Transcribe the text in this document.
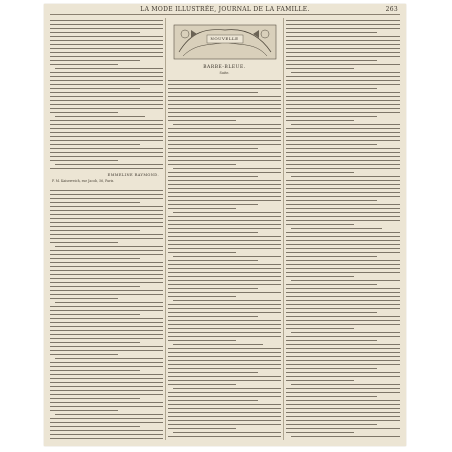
LA MODE ILLUSTRÉE, JOURNAL DE LA FAMILLE.	263
EMMELINE RAYMOND.
F. M. Kaiserreich, rue Jacob, 56, Paris.
NOUVELLE
BARBE-BLEUE.
Suite.
